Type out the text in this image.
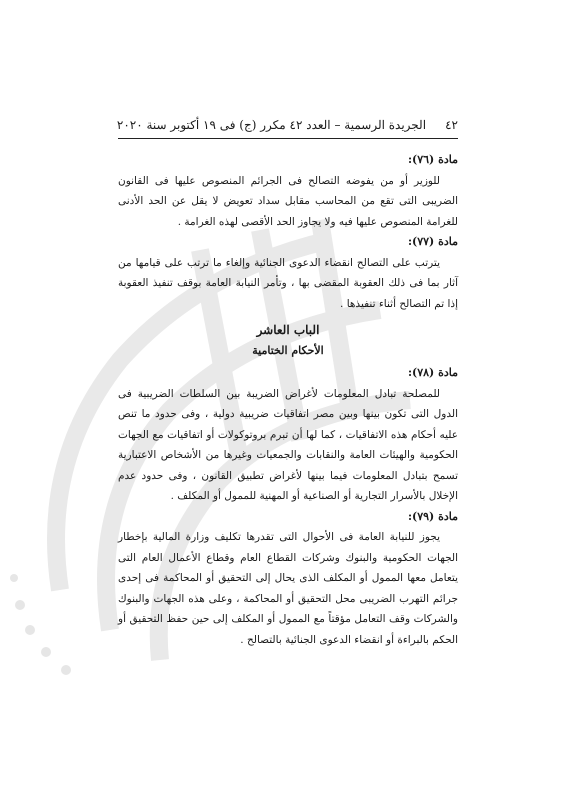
٤٢     الجريدة الرسمية – العدد ٤٢ مكرر (ج) فى ١٩ أكتوبر سنة ٢٠٢٠
مادة (٧٦):
للوزير أو من يفوضه التصالح فى الجرائم المنصوص عليها فى القانون الضريبى التى تقع من المحاسب مقابل سداد تعويض لا يقل عن الحد الأدنى للغرامة المنصوص عليها فيه ولا يجاوز الحد الأقصى لهذه الغرامة .
مادة (٧٧):
يترتب على التصالح انقضاء الدعوى الجنائية وإلغاء ما ترتب على قيامها من آثار بما فى ذلك العقوبة المقضى بها ، وتأمر النيابة العامة بوقف تنفيذ العقوبة إذا تم التصالح أثناء تنفيذها .
الباب العاشر
الأحكام الختامية
مادة (٧٨):
للمصلحة تبادل المعلومات لأغراض الضريبة بين السلطات الضريبية فى الدول التى تكون بينها وبين مصر اتفاقيات ضريبية دولية ، وفى حدود ما تنص عليه أحكام هذه الاتفاقيات ، كما لها أن تبرم بروتوكولات أو اتفاقيات مع الجهات الحكومية والهيئات العامة والنقابات والجمعيات وغيرها من الأشخاص الاعتبارية تسمح بتبادل المعلومات فيما بينها لأغراض تطبيق القانون ، وفى حدود عدم الإخلال بالأسرار التجارية أو الصناعية أو المهنية للممول أو المكلف .
مادة (٧٩):
يجوز للنيابة العامة فى الأحوال التى تقدرها تكليف وزارة المالية بإخطار الجهات الحكومية والبنوك وشركات القطاع العام وقطاع الأعمال العام التى يتعامل معها الممول أو المكلف الذى يحال إلى التحقيق أو المحاكمة فى إحدى جرائم التهرب الضريبى محل التحقيق أو المحاكمة ، وعلى هذه الجهات والبنوك والشركات وقف التعامل مؤقتاً مع الممول أو المكلف إلى حين حفظ التحقيق أو الحكم بالبراءة أو انقضاء الدعوى الجنائية بالتصالح .
